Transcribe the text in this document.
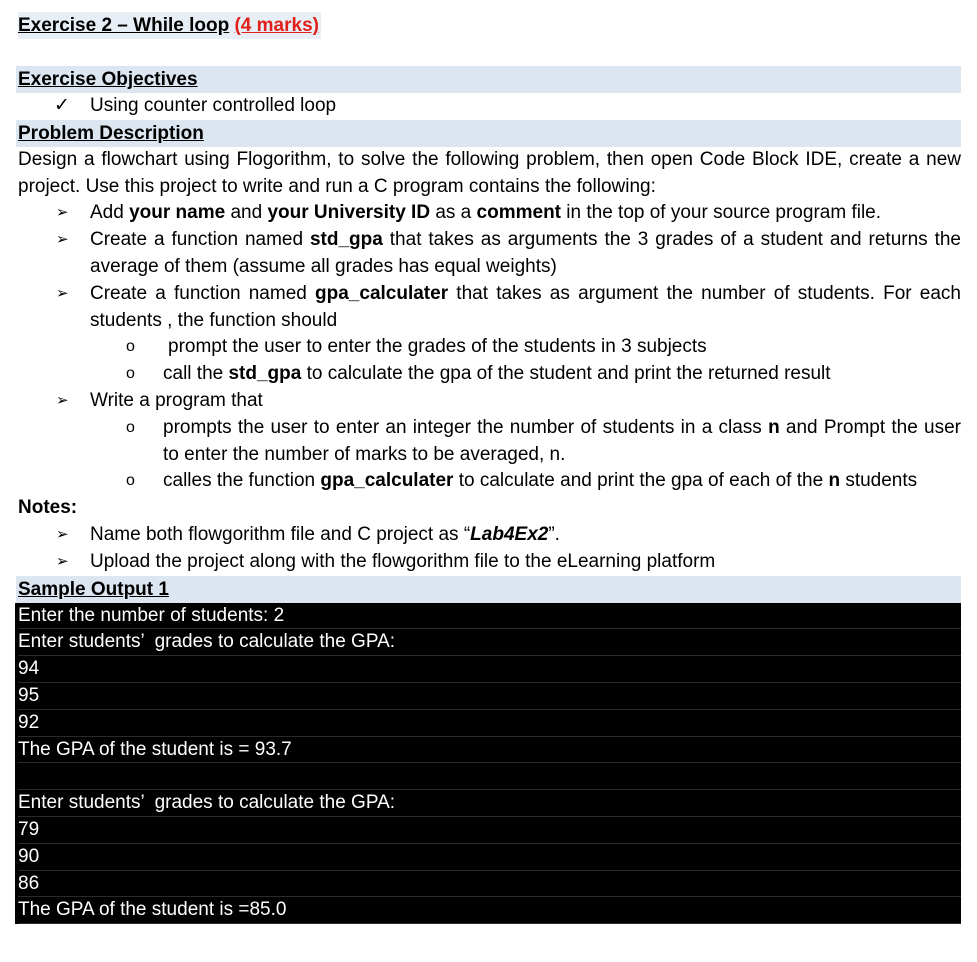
Exercise 2 – While loop (4 marks)
Exercise Objectives
✓ Using counter controlled loop
Problem Description
Design a flowchart using Flogorithm, to solve the following problem, then open Code Block IDE, create a new project. Use this project to write and run a C program contains the following:
➢ Add your name and your University ID as a comment in the top of your source program file.
➢ Create a function named std_gpa that takes as arguments the 3 grades of a student and returns the average of them (assume all grades has equal weights)
➢ Create a function named gpa_calculater that takes as argument the number of students. For each students , the function should
o prompt the user to enter the grades of the students in 3 subjects
o call the std_gpa to calculate the gpa of the student and print the returned result
➢ Write a program that
o prompts the user to enter an integer the number of students in a class n and Prompt the user to enter the number of marks to be averaged, n.
o calles the function gpa_calculater to calculate and print the gpa of each of the n students
Notes:
➢ Name both flowgorithm file and C project as “Lab4Ex2”.
➢ Upload the project along with the flowgorithm file to the eLearning platform
Sample Output 1
Enter the number of students: 2
Enter students’  grades to calculate the GPA:
94
95
92
The GPA of the student is = 93.7
Enter students’  grades to calculate the GPA:
79
90
86
The GPA of the student is =85.0
